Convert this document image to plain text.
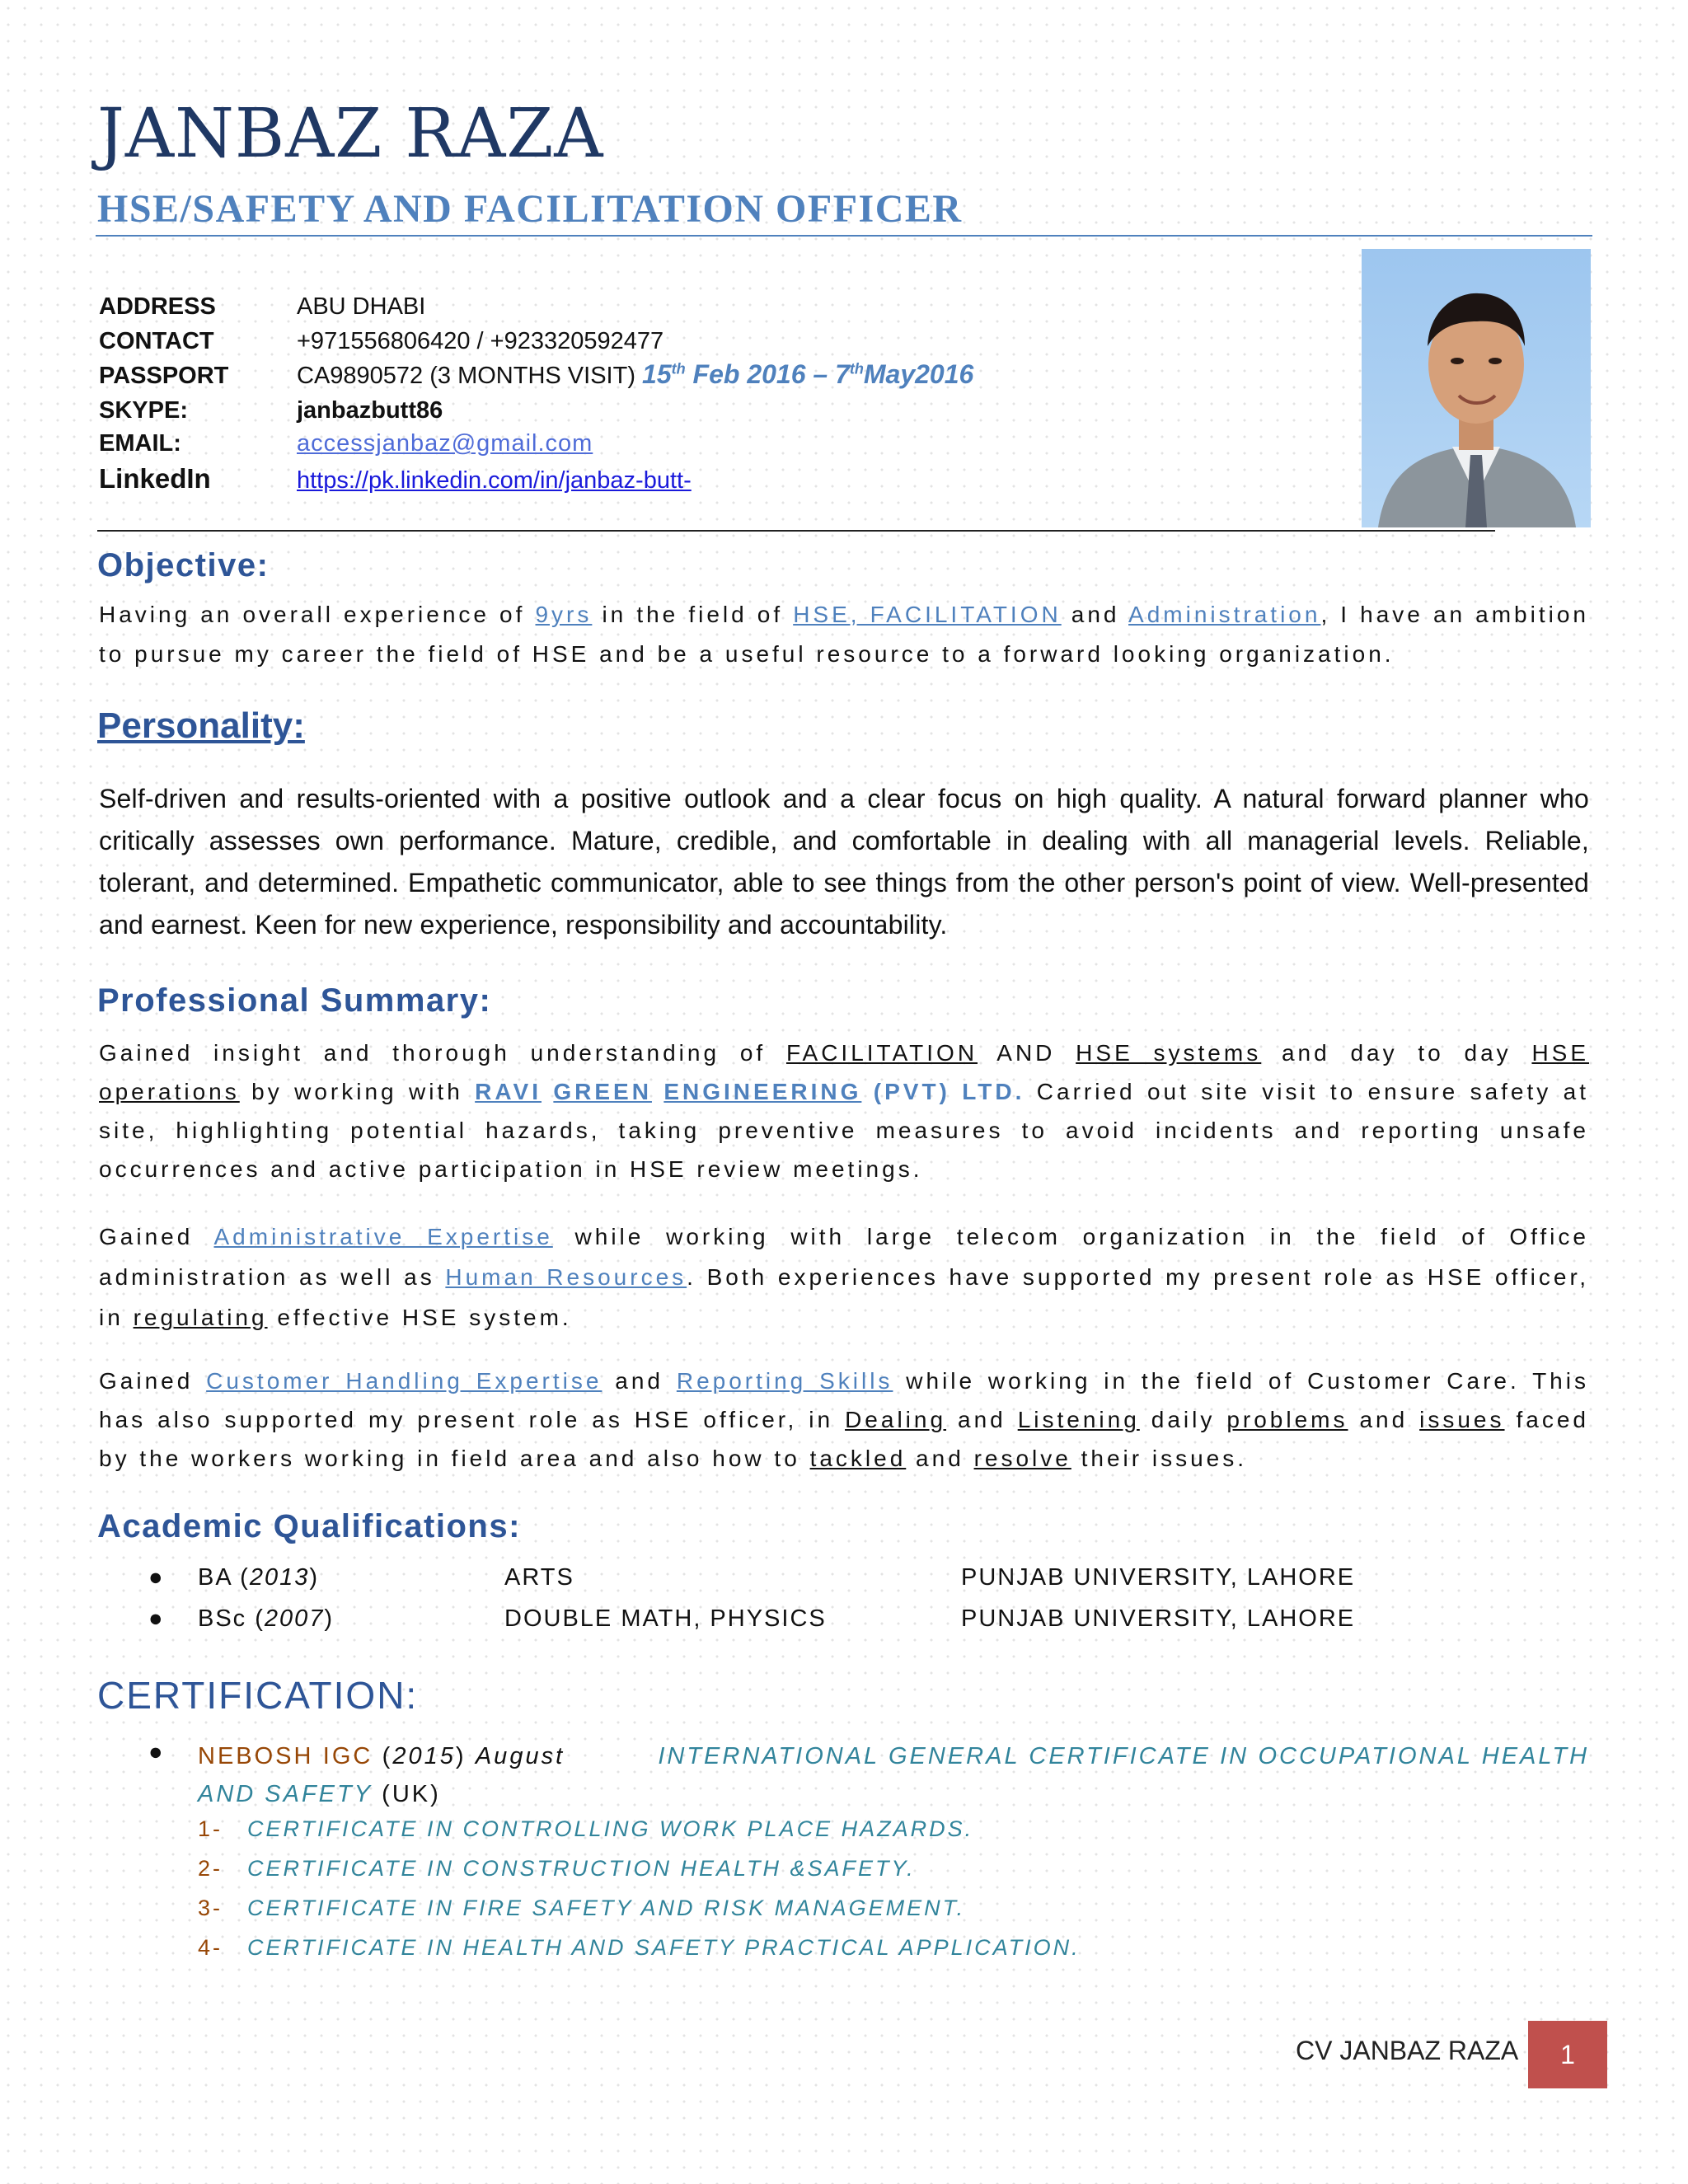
JANBAZ RAZA
HSE/SAFETY AND FACILITATION OFFICER
ADDRESS	ABU DHABI
CONTACT	+971556806420 / +923320592477
PASSPORT	CA9890572 (3 MONTHS VISIT) 15th Feb 2016 – 7thMay2016
SKYPE:	janbazbutt86
EMAIL:	accessjanbaz@gmail.com
LinkedIn	https://pk.linkedin.com/in/janbaz-butt-
Objective:
Having an overall experience of 9yrs in the field of HSE, FACILITATION and Administration, I have an ambition to pursue my career the field of HSE and be a useful resource to a forward looking organization.
Personality:
Self-driven and results-oriented with a positive outlook and a clear focus on high quality. A natural forward planner who critically assesses own performance. Mature, credible, and comfortable in dealing with all managerial levels. Reliable, tolerant, and determined. Empathetic communicator, able to see things from the other person's point of view. Well-presented and earnest. Keen for new experience, responsibility and accountability.
Professional Summary:
Gained insight and thorough understanding of FACILITATION AND HSE systems and day to day HSE operations by working with RAVI GREEN ENGINEERING (PVT) LTD. Carried out site visit to ensure safety at site, highlighting potential hazards, taking preventive measures to avoid incidents and reporting unsafe occurrences and active participation in HSE review meetings.
Gained Administrative Expertise while working with large telecom organization in the field of Office administration as well as Human Resources. Both experiences have supported my present role as HSE officer, in regulating effective HSE system.
Gained Customer Handling Expertise and Reporting Skills while working in the field of Customer Care. This has also supported my present role as HSE officer, in Dealing and Listening daily problems and issues faced by the workers working in field area and also how to tackled and resolve their issues.
Academic Qualifications:
● BA (2013)	ARTS	PUNJAB UNIVERSITY, LAHORE
● BSc (2007)	DOUBLE MATH, PHYSICS	PUNJAB UNIVERSITY, LAHORE
CERTIFICATION:
● NEBOSH IGC (2015) August	INTERNATIONAL GENERAL CERTIFICATE IN OCCUPATIONAL HEALTH AND SAFETY (UK)
1- CERTIFICATE IN CONTROLLING WORK PLACE HAZARDS.
2- CERTIFICATE IN CONSTRUCTION HEALTH &SAFETY.
3- CERTIFICATE IN FIRE SAFETY AND RISK MANAGEMENT.
4- CERTIFICATE IN HEALTH AND SAFETY PRACTICAL APPLICATION.
CV JANBAZ RAZA	1
